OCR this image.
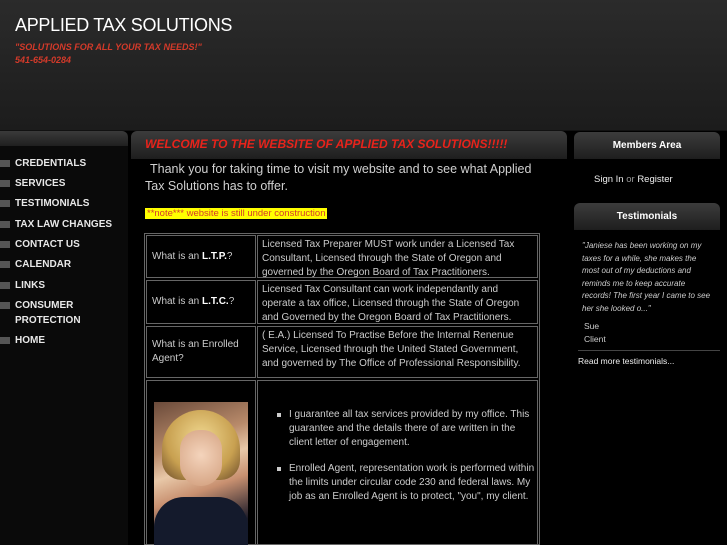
APPLIED TAX SOLUTIONS
"SOLUTIONS FOR ALL YOUR TAX NEEDS!"
541-654-0284
CREDENTIALS
SERVICES
TESTIMONIALS
TAX LAW CHANGES
CONTACT US
CALENDAR
LINKS
CONSUMER PROTECTION
HOME
WELCOME TO THE WEBSITE OF APPLIED TAX SOLUTIONS!!!!!
Thank you for taking time to visit my website and to see what Applied Tax Solutions has to offer.
**note*** website is still under construction
What is an L.T.P.?
Licensed Tax Preparer MUST work under a Licensed Tax Consultant, Licensed through the State of Oregon and governed by the Oregon Board of Tax Practitioners.
What is an L.T.C.?
Licensed Tax Consultant can work independantly and operate a tax office, Licensed through the State of Oregon and Governed by the Oregon Board of Tax Practitioners.
What is an Enrolled Agent?
( E.A.) Licensed To Practise Before the Internal Renenue Service, Licensed through the United Stated Government, and governed by The Office of Professional Responsibility.
I guarantee all tax services provided by my office. This guarantee and the details there of are written in the client letter of engagement.
Enrolled Agent, representation work is performed within the limits under circular code 230 and federal laws. My job as an Enrolled Agent is to protect, "you", my client.
Members Area
Sign In or Register
Testimonials
"Janiese has been working on my taxes for a while, she makes the most out of my deductions and reminds me to keep accurate records! The first year I came to see her she looked o..."
Sue
Client
Read more testimonials...
